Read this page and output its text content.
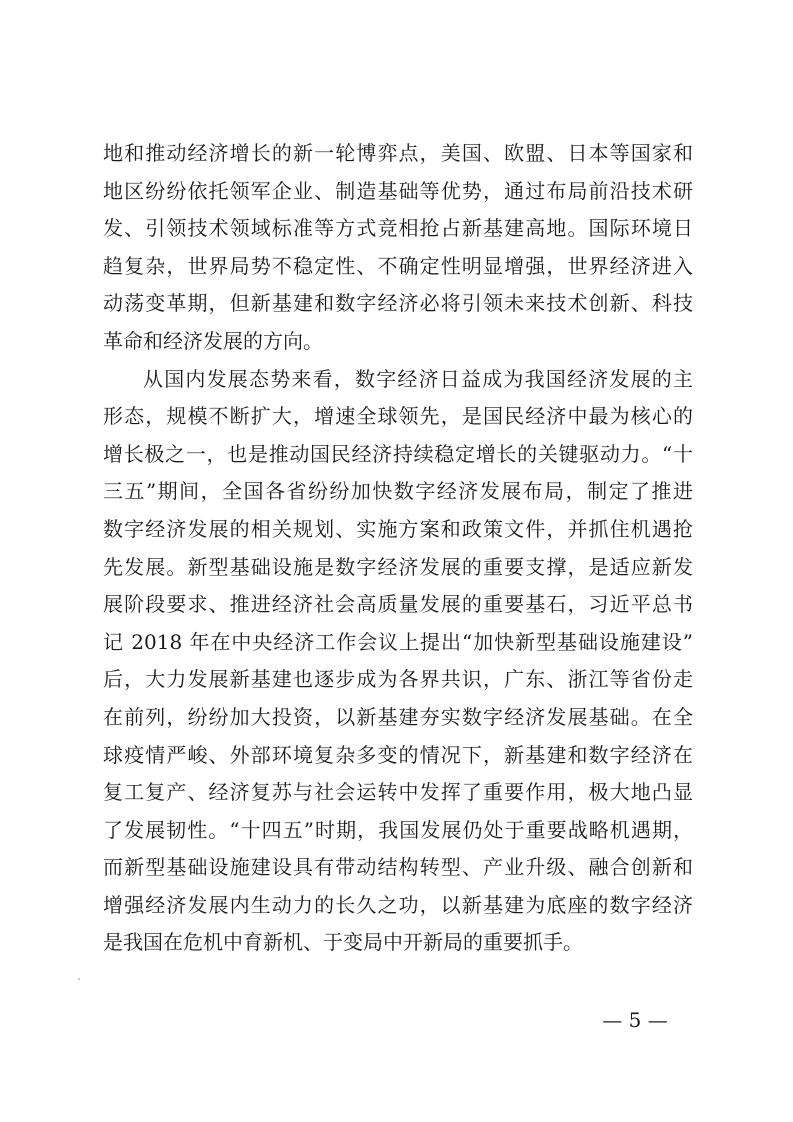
地和推动经济增长的新一轮博弈点，美国、欧盟、日本等国家和
地区纷纷依托领军企业、制造基础等优势，通过布局前沿技术研
发、引领技术领域标准等方式竞相抢占新基建高地。国际环境日
趋复杂，世界局势不稳定性、不确定性明显增强，世界经济进入
动荡变革期，但新基建和数字经济必将引领未来技术创新、科技
革命和经济发展的方向。
从国内发展态势来看，数字经济日益成为我国经济发展的主
形态，规模不断扩大，增速全球领先，是国民经济中最为核心的
增长极之一，也是推动国民经济持续稳定增长的关键驱动力。“十
三五”期间，全国各省纷纷加快数字经济发展布局，制定了推进
数字经济发展的相关规划、实施方案和政策文件，并抓住机遇抢
先发展。新型基础设施是数字经济发展的重要支撑，是适应新发
展阶段要求、推进经济社会高质量发展的重要基石，习近平总书
记 2018 年在中央经济工作会议上提出“加快新型基础设施建设”
后，大力发展新基建也逐步成为各界共识，广东、浙江等省份走
在前列，纷纷加大投资，以新基建夯实数字经济发展基础。在全
球疫情严峻、外部环境复杂多变的情况下，新基建和数字经济在
复工复产、经济复苏与社会运转中发挥了重要作用，极大地凸显
了发展韧性。“十四五”时期，我国发展仍处于重要战略机遇期，
而新型基础设施建设具有带动结构转型、产业升级、融合创新和
增强经济发展内生动力的长久之功，以新基建为底座的数字经济
是我国在危机中育新机、于变局中开新局的重要抓手。
— 5 —
